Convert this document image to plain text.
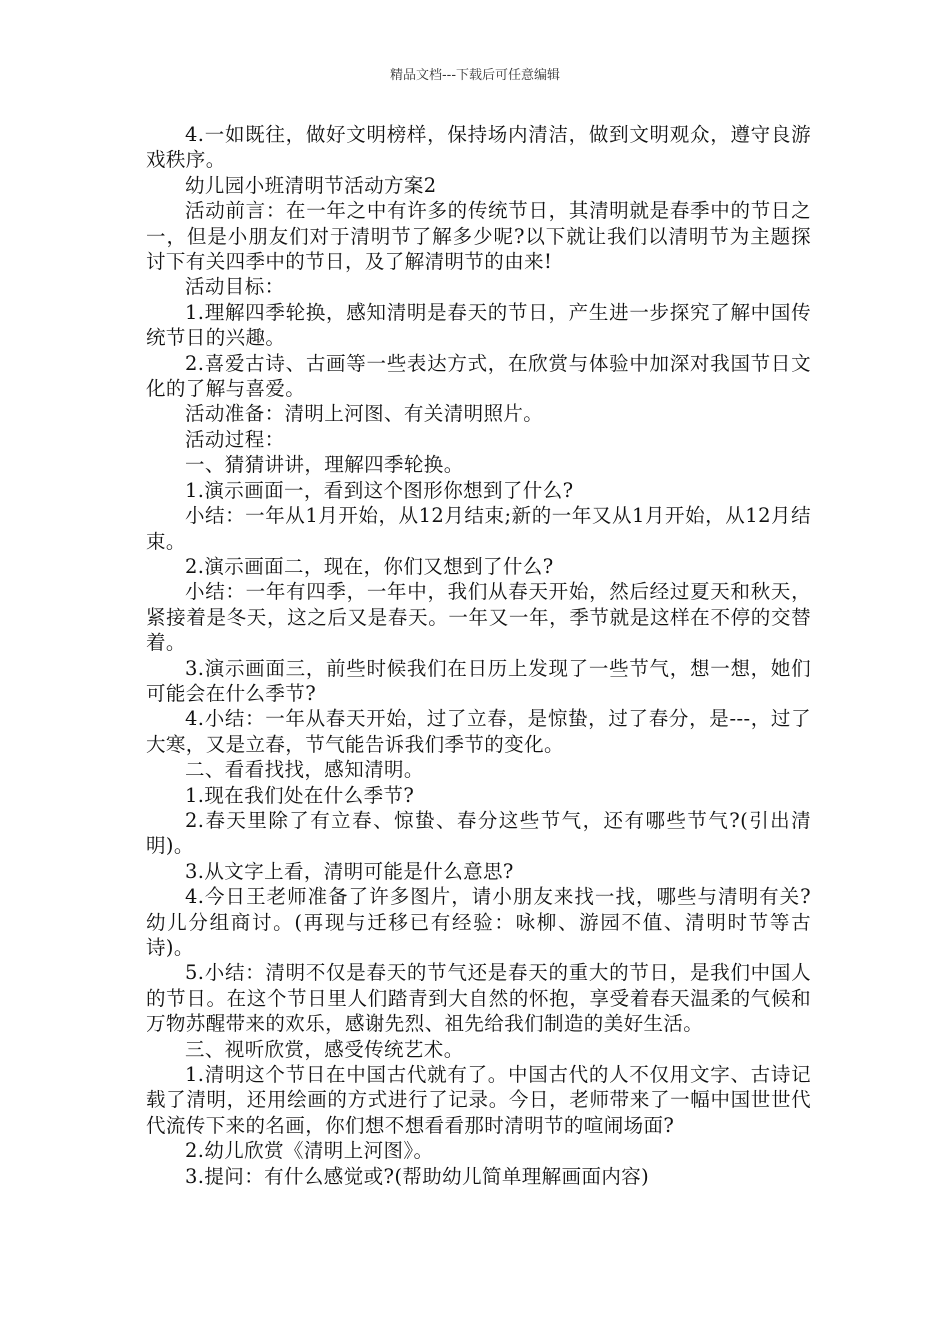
精品文档---下载后可任意编辑

4.一如既往，做好文明榜样，保持场内清洁，做到文明观众，遵守良游戏秩序。

幼儿园小班清明节活动方案2

活动前言：在一年之中有许多的传统节日，其清明就是春季中的节日之一，但是小朋友们对于清明节了解多少呢?以下就让我们以清明节为主题探讨下有关四季中的节日，及了解清明节的由来!

活动目标：

1.理解四季轮换，感知清明是春天的节日，产生进一步探究了解中国传统节日的兴趣。

2.喜爱古诗、古画等一些表达方式，在欣赏与体验中加深对我国节日文化的了解与喜爱。

活动准备：清明上河图、有关清明照片。

活动过程：

一、猜猜讲讲，理解四季轮换。

1.演示画面一，看到这个图形你想到了什么?

小结：一年从1月开始，从12月结束;新的一年又从1月开始，从12月结束。

2.演示画面二，现在，你们又想到了什么?

小结：一年有四季，一年中，我们从春天开始，然后经过夏天和秋天，紧接着是冬天，这之后又是春天。一年又一年，季节就是这样在不停的交替着。

3.演示画面三，前些时候我们在日历上发现了一些节气，想一想，她们可能会在什么季节?

4.小结：一年从春天开始，过了立春，是惊蛰，过了春分，是---，过了大寒，又是立春，节气能告诉我们季节的变化。

二、看看找找，感知清明。

1.现在我们处在什么季节?

2.春天里除了有立春、惊蛰、春分这些节气，还有哪些节气?(引出清明)。

3.从文字上看，清明可能是什么意思?

4.今日王老师准备了许多图片，请小朋友来找一找，哪些与清明有关?幼儿分组商讨。(再现与迁移已有经验：咏柳、游园不值、清明时节等古诗)。

5.小结：清明不仅是春天的节气还是春天的重大的节日，是我们中国人的节日。在这个节日里人们踏青到大自然的怀抱，享受着春天温柔的气候和万物苏醒带来的欢乐，感谢先烈、祖先给我们制造的美好生活。

三、视听欣赏，感受传统艺术。

1.清明这个节日在中国古代就有了。中国古代的人不仅用文字、古诗记载了清明，还用绘画的方式进行了记录。今日，老师带来了一幅中国世世代代流传下来的名画，你们想不想看看那时清明节的喧闹场面?

2.幼儿欣赏《清明上河图》。

3.提问：有什么感觉或?(帮助幼儿简单理解画面内容)
